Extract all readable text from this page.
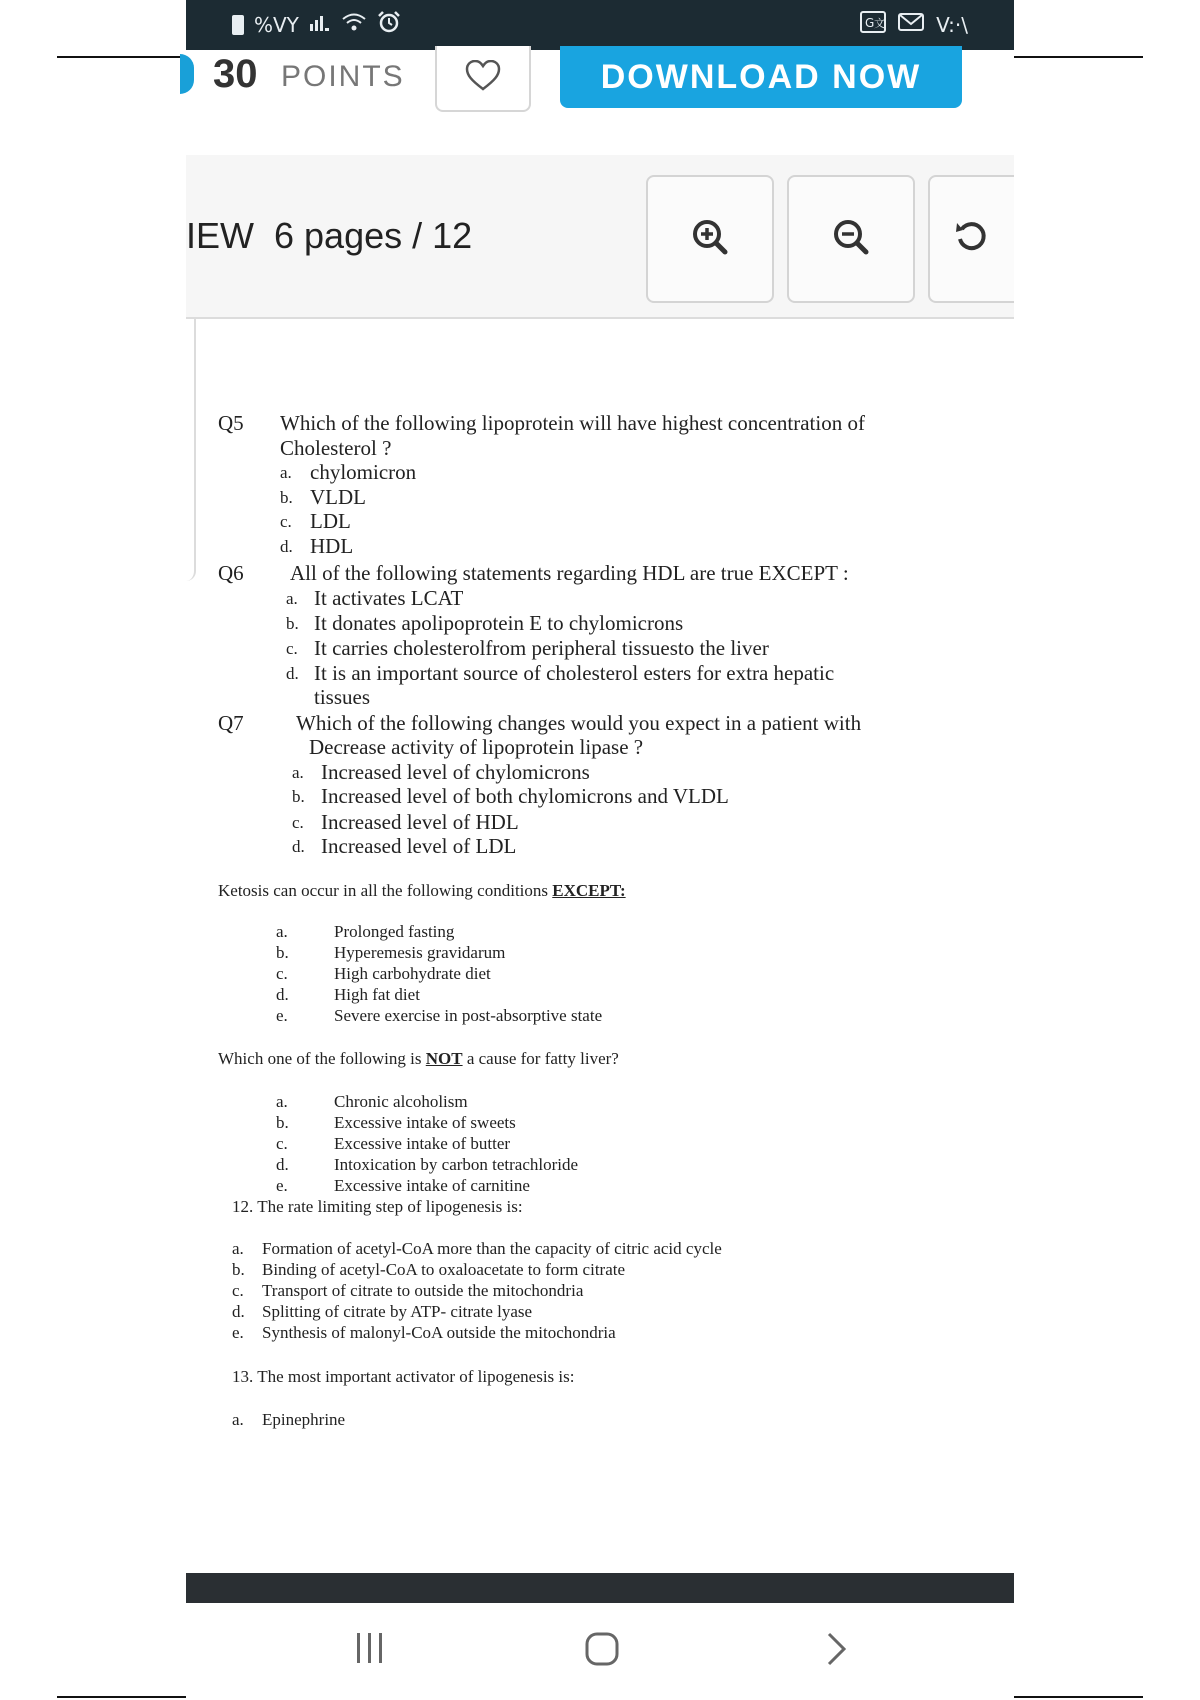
%VY	G 文	V:·\
30 POINTS	DOWNLOAD NOW
IEW  6 pages / 12
Q5 Which of the following lipoprotein will have highest concentration of
Cholesterol ?
a. chylomicron
b. VLDL
c. LDL
d. HDL
Q6 All of the following statements regarding HDL are true EXCEPT :
a. It activates LCAT
b. It donates apolipoprotein E to chylomicrons
c. It carries cholesterolfrom peripheral tissuesto the liver
d. It is an important source of cholesterol esters for extra hepatic
tissues
Q7 Which of the following changes would you expect in a patient with
Decrease activity of lipoprotein lipase ?
a. Increased level of chylomicrons
b. Increased level of both chylomicrons and VLDL
c. Increased level of HDL
d. Increased level of LDL
Ketosis can occur in all the following conditions EXCEPT:
a.	Prolonged fasting
b.	Hyperemesis gravidarum
c.	High carbohydrate diet
d.	High fat diet
e.	Severe exercise in post-absorptive state
Which one of the following is NOT a cause for fatty liver?
a.	Chronic alcoholism
b.	Excessive intake of sweets
c.	Excessive intake of butter
d.	Intoxication by carbon tetrachloride
e.	Excessive intake of carnitine
12. The rate limiting step of lipogenesis is:
a. Formation of acetyl-CoA more than the capacity of citric acid cycle
b. Binding of acetyl-CoA to oxaloacetate to form citrate
c. Transport of citrate to outside the mitochondria
d. Splitting of citrate by ATP- citrate lyase
e. Synthesis of malonyl-CoA outside the mitochondria
13. The most important activator of lipogenesis is:
a. Epinephrine
